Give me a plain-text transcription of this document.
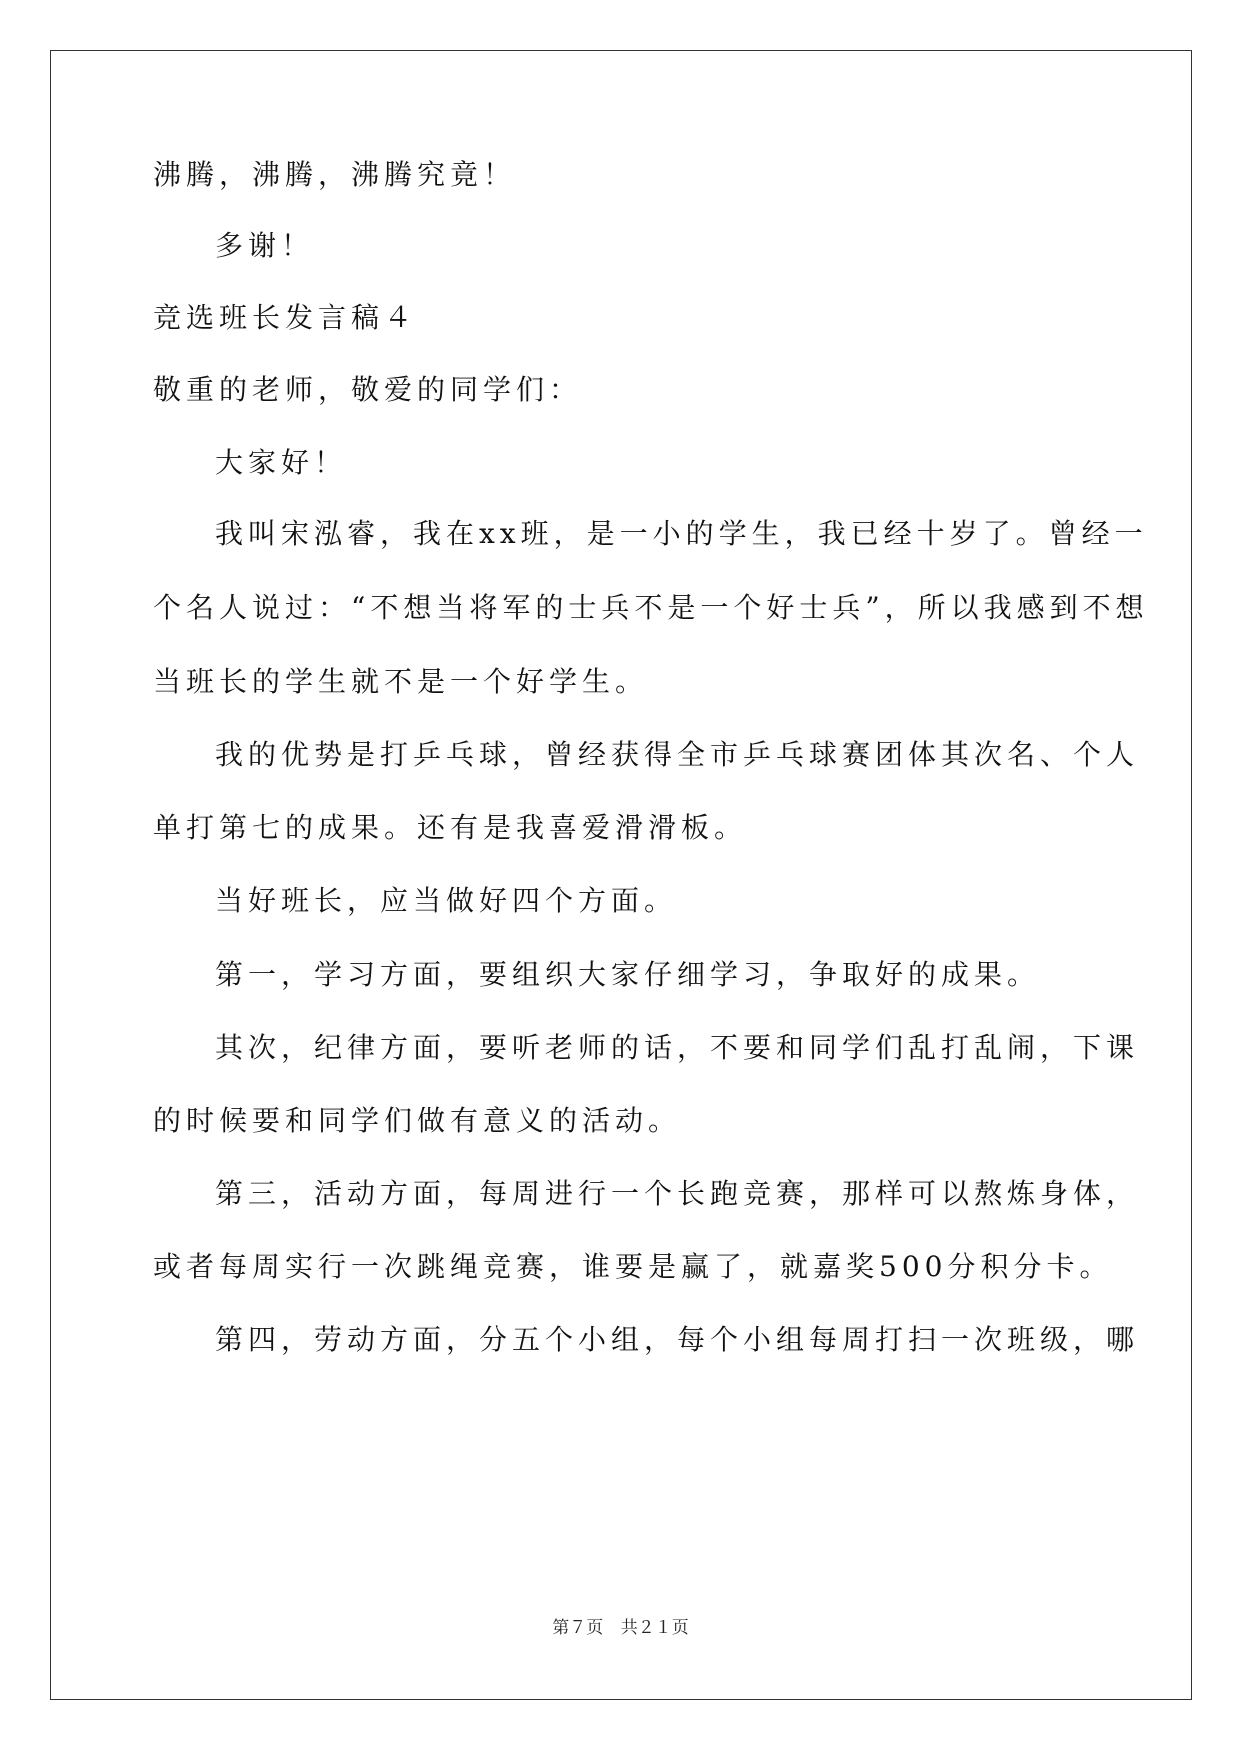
沸腾，沸腾，沸腾究竟！
多谢！
竞选班长发言稿４
敬重的老师，敬爱的同学们：
大家好！
我叫宋泓睿，我在xx班，是一小的学生，我已经十岁了。曾经一
个名人说过：“不想当将军的士兵不是一个好士兵”，所以我感到不想
当班长的学生就不是一个好学生。
我的优势是打乒乓球，曾经获得全市乒乓球赛团体其次名、个人
单打第七的成果。还有是我喜爱滑滑板。
当好班长，应当做好四个方面。
第一，学习方面，要组织大家仔细学习，争取好的成果。
其次，纪律方面，要听老师的话，不要和同学们乱打乱闹，下课
的时候要和同学们做有意义的活动。
第三，活动方面，每周进行一个长跑竞赛，那样可以熬炼身体，
或者每周实行一次跳绳竞赛，谁要是赢了，就嘉奖500分积分卡。
第四，劳动方面，分五个小组，每个小组每周打扫一次班级，哪
第７页 共２１页
